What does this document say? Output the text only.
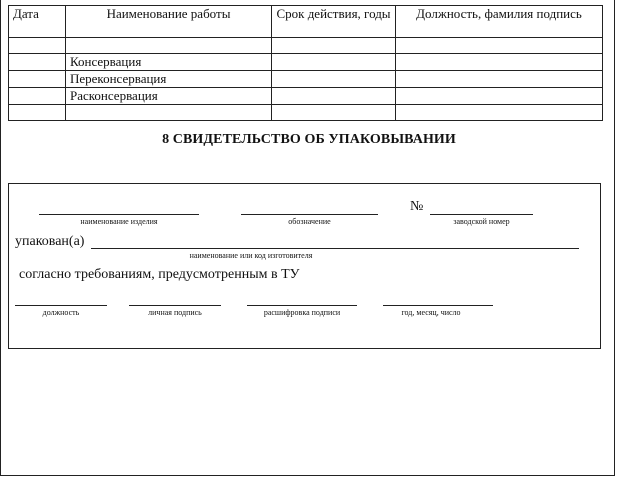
Дата	Наименование работы	Срок действия, годы	Должность, фамилия подпись

	Консервация		
	Переконсервация		
	Расконсервация		

8 СВИДЕТЕЛЬСТВО ОБ УПАКОВЫВАНИИ
наименование изделия	обозначение
№
заводской номер
упакован(а)
наименование или код изготовителя
согласно требованиям, предусмотренным в ТУ
должность	личная подпись	расшифровка подписи	год, месяц, число
